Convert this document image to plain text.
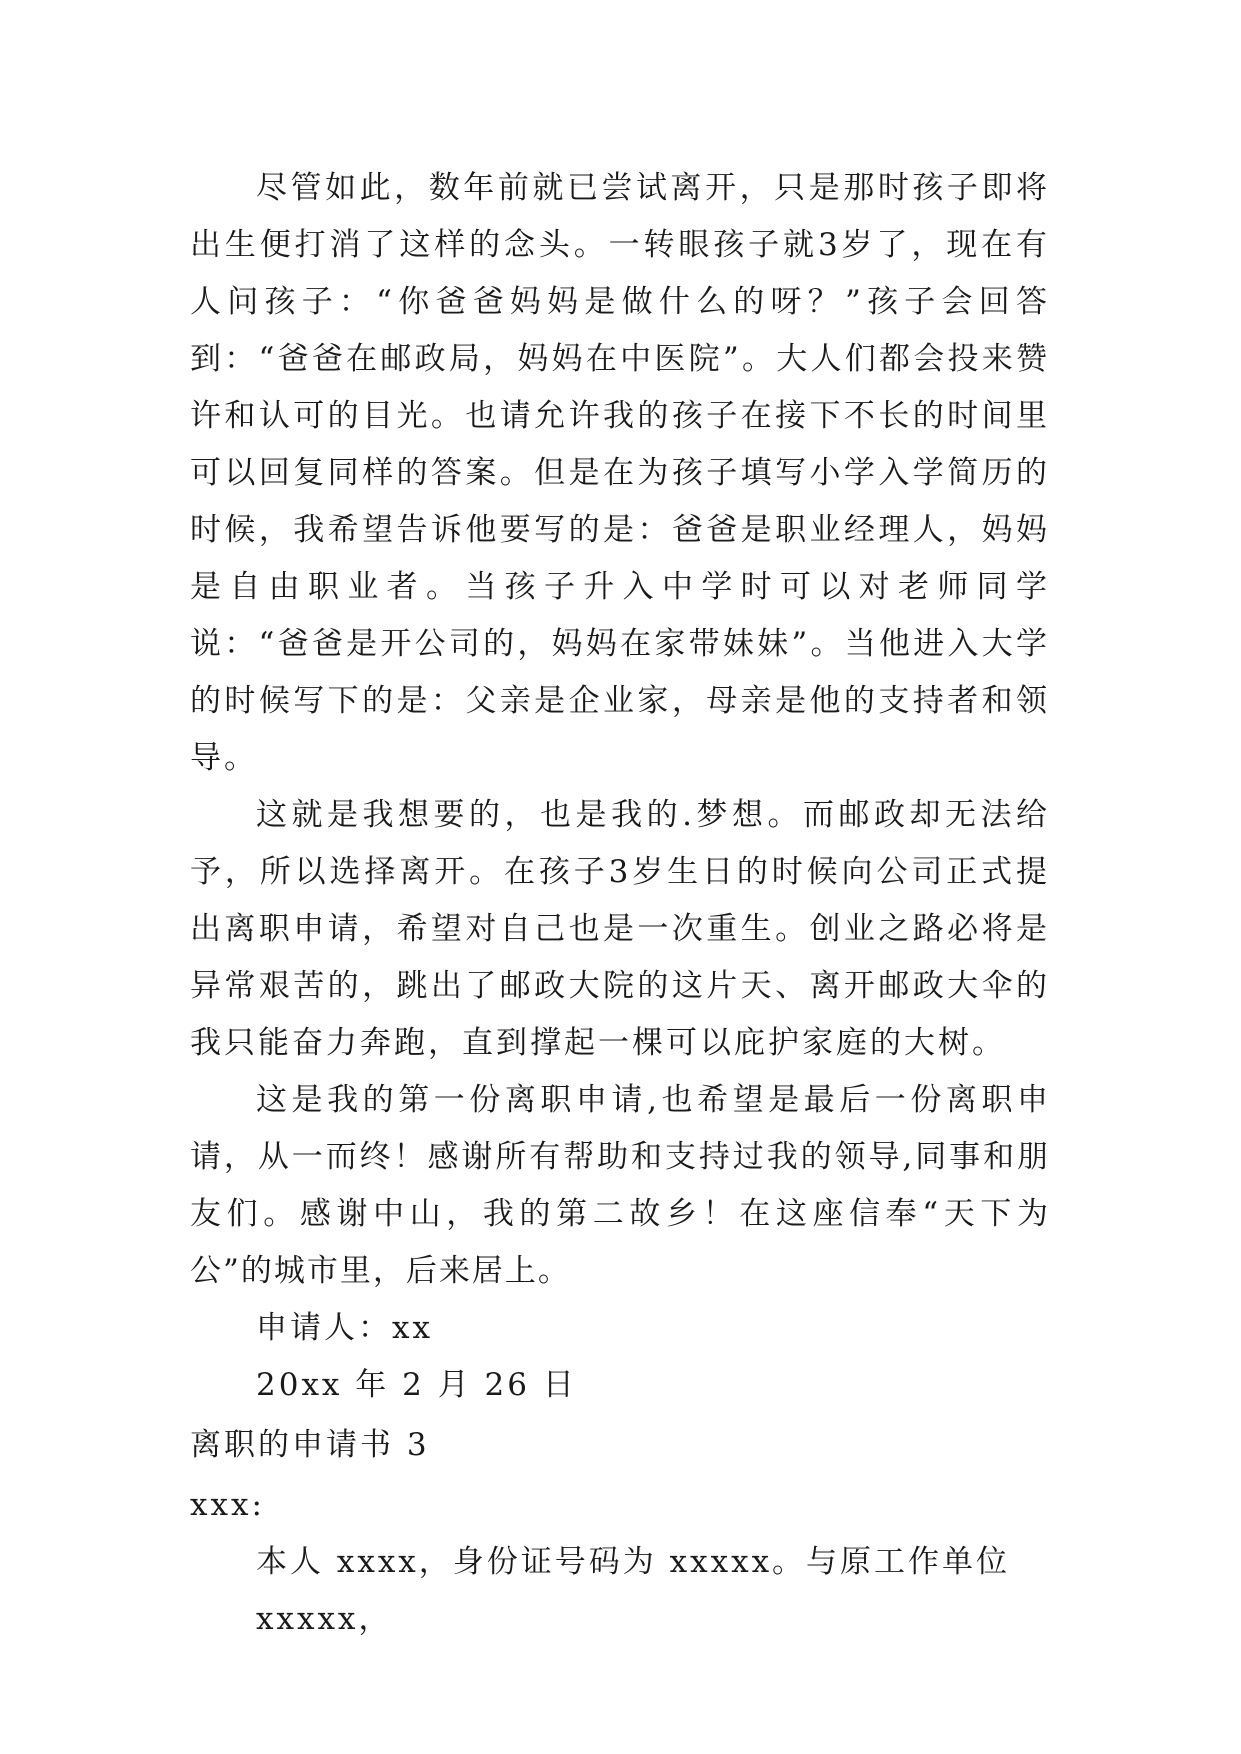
尽管如此，数年前就已尝试离开，只是那时孩子即将出生便打消了这样的念头。一转眼孩子就3岁了，现在有人问孩子：“你爸爸妈妈是做什么的呀？”孩子会回答到：“爸爸在邮政局，妈妈在中医院”。大人们都会投来赞许和认可的目光。也请允许我的孩子在接下不长的时间里可以回复同样的答案。但是在为孩子填写小学入学简历的时候，我希望告诉他要写的是：爸爸是职业经理人，妈妈是自由职业者。当孩子升入中学时可以对老师同学说：“爸爸是开公司的，妈妈在家带妹妹”。当他进入大学的时候写下的是：父亲是企业家，母亲是他的支持者和领导。

这就是我想要的，也是我的.梦想。而邮政却无法给予，所以选择离开。在孩子3岁生日的时候向公司正式提出离职申请，希望对自己也是一次重生。创业之路必将是异常艰苦的，跳出了邮政大院的这片天、离开邮政大伞的我只能奋力奔跑，直到撑起一棵可以庇护家庭的大树。

这是我的第一份离职申请,也希望是最后一份离职申请，从一而终！感谢所有帮助和支持过我的领导,同事和朋友们。感谢中山，我的第二故乡！在这座信奉“天下为公”的城市里，后来居上。

申请人：xx

20xx 年 2 月 26 日

离职的申请书 3

xxx:

本人 xxxx，身份证号码为 xxxxx。与原工作单位 xxxxx，
